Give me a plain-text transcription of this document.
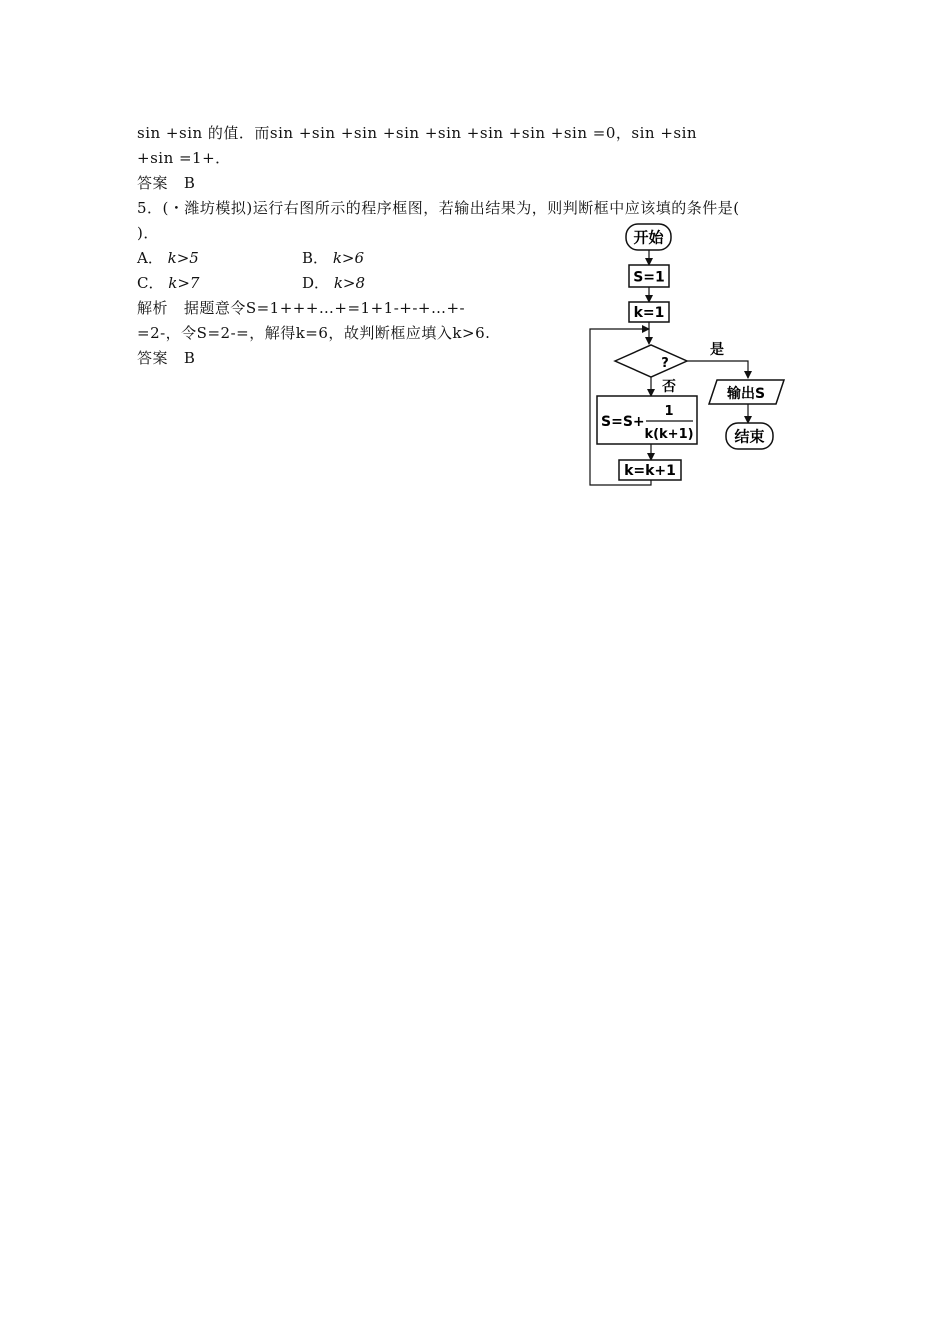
sin +sin 的值．而sin +sin +sin +sin +sin +sin +sin +sin =0，sin +sin
+sin =1+．
答案 B
5．(・潍坊模拟)运行右图所示的程序框图，若输出结果为，则判断框中应该填的条件是(
)．
A． k>5	B． k>6
C． k>7	D． k>8
解析 据题意令S=1+++…+=1+1-+-+…+-
=2-，令S=2-=，解得k=6，故判断框应填入k>6.
答案 B
开始
S=1
k=1
?
是
输出S
结束
否
S=S+
1
k(k+1)
k=k+1
